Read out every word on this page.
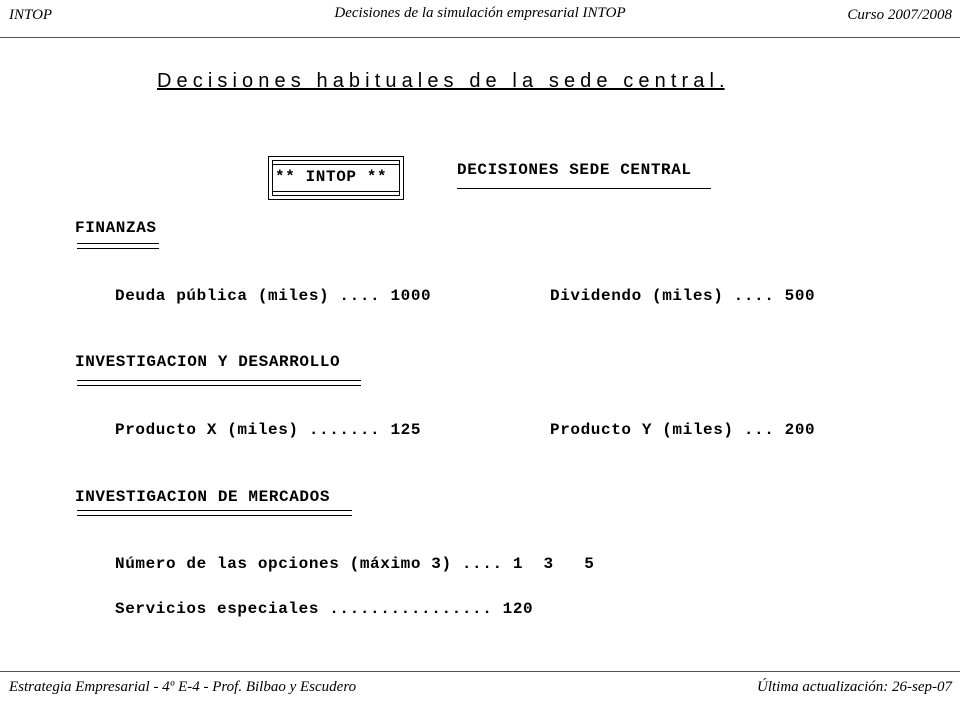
INTOP	Decisiones de la simulación empresarial INTOP	Curso 2007/2008
Decisiones habituales de la sede central.
** INTOP **	DECISIONES SEDE CENTRAL
FINANZAS
Deuda pública (miles) .... 1000	Dividendo (miles) .... 500
INVESTIGACION Y DESARROLLO
Producto X (miles) ....... 125	Producto Y (miles) ... 200
INVESTIGACION DE MERCADOS
Número de las opciones (máximo 3) .... 1  3   5
Servicios especiales ................ 120
Estrategia Empresarial - 4º E-4 - Prof. Bilbao y Escudero	Última actualización: 26-sep-07
